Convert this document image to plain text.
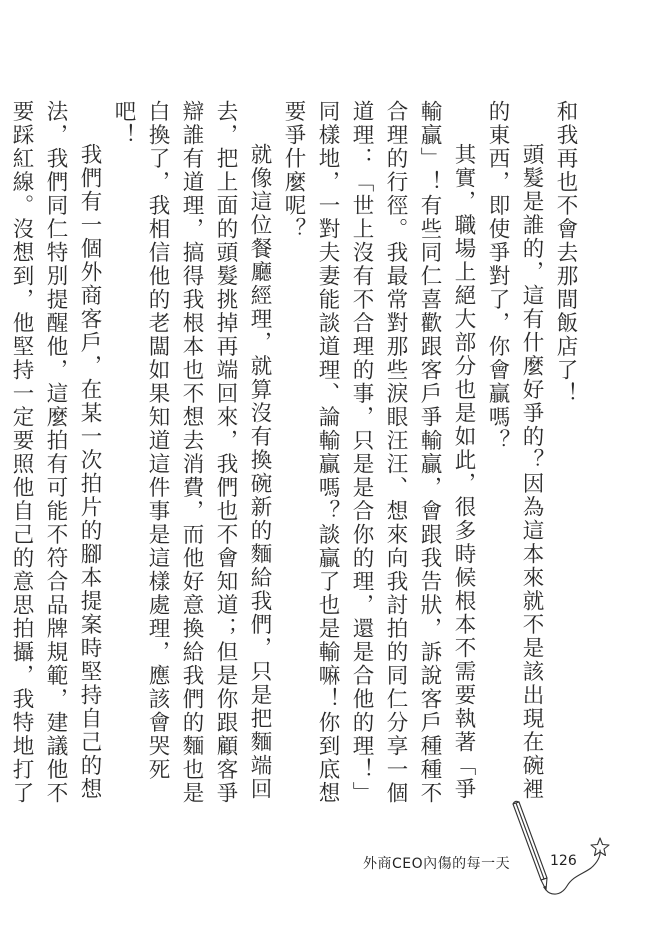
和我再也不會去那間飯店了！

頭髮是誰的，這有什麼好爭的？因為這本來就不是該出現在碗裡的東西，即使爭對了，你會贏嗎？

其實，職場上絕大部分也是如此，很多時候根本不需要執著「爭輸贏」！有些同仁喜歡跟客戶爭輸贏，會跟我告狀，訴說客戶種種不合理的行徑。我最常對那些淚眼汪汪、想來向我討拍的同仁分享一個道理：「世上沒有不合理的事，只是是合你的理，還是合他的理！」同樣地，一對夫妻能談道理、論輸贏嗎？談贏了也是輸嘛！你到底想要爭什麼呢？

就像這位餐廳經理，就算沒有換碗新的麵給我們，只是把麵端回去，把上面的頭髮挑掉再端回來，我們也不會知道；但是你跟顧客爭辯誰有道理，搞得我根本也不想去消費，而他好意換給我們的麵也是白換了，我相信他的老闆如果知道這件事是這樣處理，應該會哭死吧！

我們有一個外商客戶，在某一次拍片的腳本提案時堅持自己的想法，我們同仁特別提醒他，這麼拍有可能不符合品牌規範，建議他不要踩紅線。沒想到，他堅持一定要照他自己的意思拍攝，我特地打了

外商CEO內傷的每一天	126
